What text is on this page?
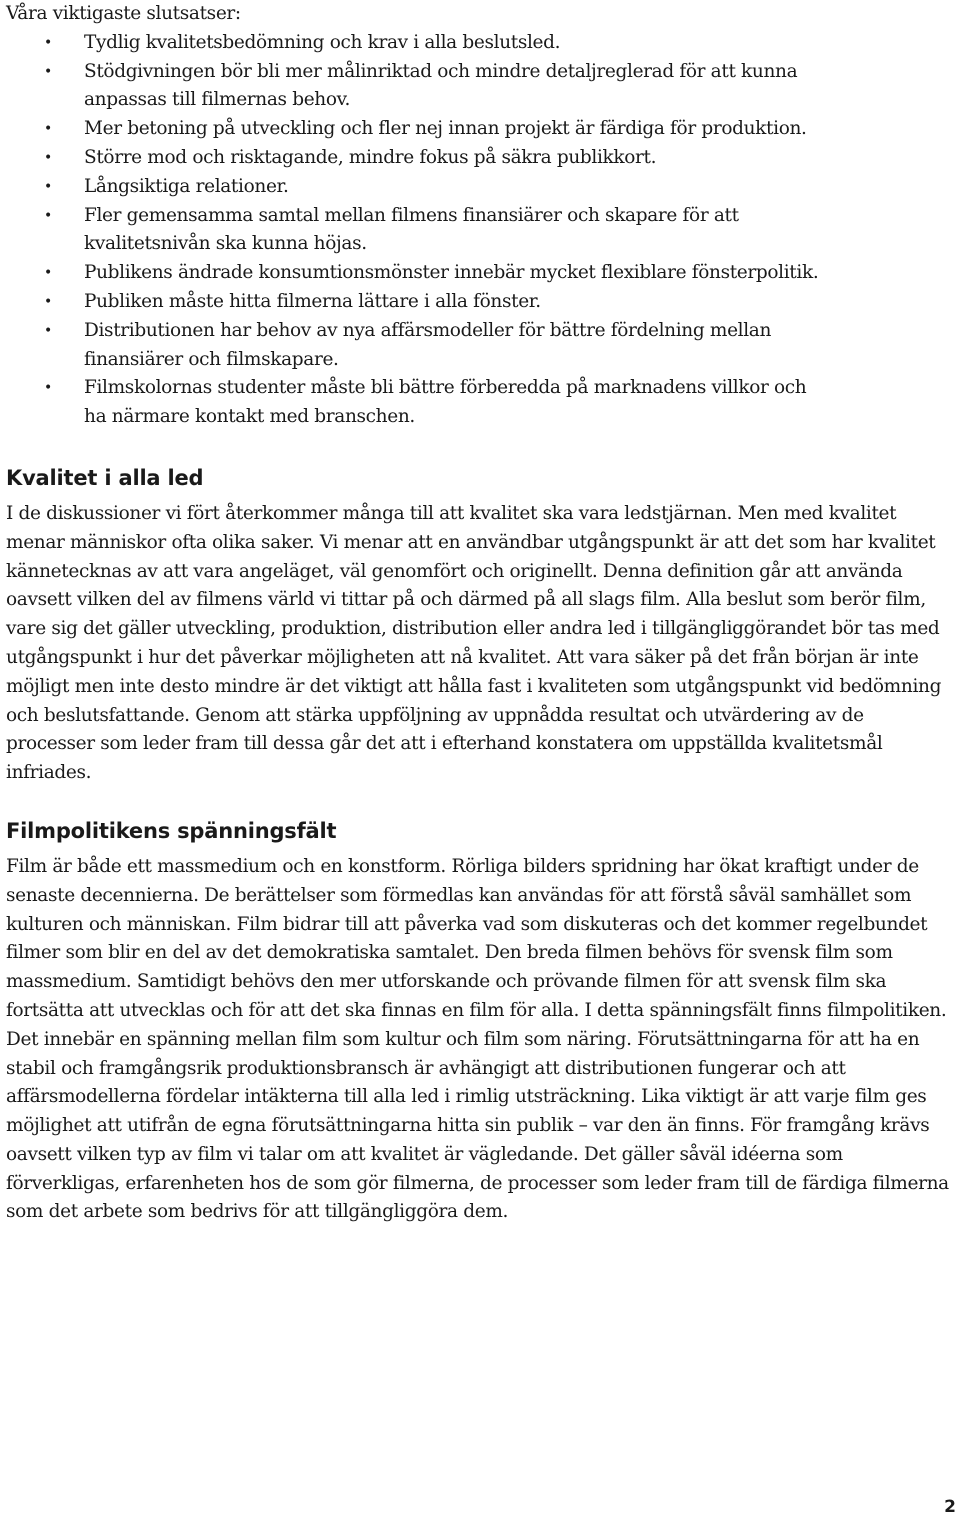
Våra viktigaste slutsatser:

• Tydlig kvalitetsbedömning och krav i alla beslutsled.
• Stödgivningen bör bli mer målinriktad och mindre detaljreglerad för att kunna anpassas till filmernas behov.
• Mer betoning på utveckling och fler nej innan projekt är färdiga för produktion.
• Större mod och risktagande, mindre fokus på säkra publikkort.
• Långsiktiga relationer.
• Fler gemensamma samtal mellan filmens finansiärer och skapare för att kvalitetsnivån ska kunna höjas.
• Publikens ändrade konsumtionsmönster innebär mycket flexiblare fönsterpolitik.
• Publiken måste hitta filmerna lättare i alla fönster.
• Distributionen har behov av nya affärsmodeller för bättre fördelning mellan finansiärer och filmskapare.
• Filmskolornas studenter måste bli bättre förberedda på marknadens villkor och ha närmare kontakt med branschen.
Kvalitet i alla led

I de diskussioner vi fört återkommer många till att kvalitet ska vara ledstjärnan. Men med kvalitet menar människor ofta olika saker. Vi menar att en användbar utgångspunkt är att det som har kvalitet kännetecknas av att vara angeläget, väl genomfört och originellt. Denna definition går att använda oavsett vilken del av filmens värld vi tittar på och därmed på all slags film. Alla beslut som berör film, vare sig det gäller utveckling, produktion, distribution eller andra led i tillgängliggörandet bör tas med utgångspunkt i hur det påverkar möjligheten att nå kvalitet. Att vara säker på det från början är inte möjligt men inte desto mindre är det viktigt att hålla fast i kvaliteten som utgångspunkt vid bedömning och beslutsfattande. Genom att stärka uppföljning av uppnådda resultat och utvärdering av de processer som leder fram till dessa går det att i efterhand konstatera om uppställda kvalitetsmål infriades.

Filmpolitikens spänningsfält

Film är både ett massmedium och en konstform. Rörliga bilders spridning har ökat kraftigt under de senaste decennierna. De berättelser som förmedlas kan användas för att förstå såväl samhället som kulturen och människan. Film bidrar till att påverka vad som diskuteras och det kommer regelbundet filmer som blir en del av det demokratiska samtalet. Den breda filmen behövs för svensk film som massmedium. Samtidigt behövs den mer utforskande och prövande filmen för att svensk film ska fortsätta att utvecklas och för att det ska finnas en film för alla. I detta spänningsfält finns filmpolitiken. Det innebär en spänning mellan film som kultur och film som näring. Förutsättningarna för att ha en stabil och framgångsrik produktionsbransch är avhängigt att distributionen fungerar och att affärsmodellerna fördelar intäkterna till alla led i rimlig utsträckning. Lika viktigt är att varje film ges möjlighet att utifrån de egna förutsättningarna hitta sin publik – var den än finns. För framgång krävs oavsett vilken typ av film vi talar om att kvalitet är vägledande. Det gäller såväl idéerna som förverkligas, erfarenheten hos de som gör filmerna, de processer som leder fram till de färdiga filmerna som det arbete som bedrivs för att tillgängliggöra dem.

2
